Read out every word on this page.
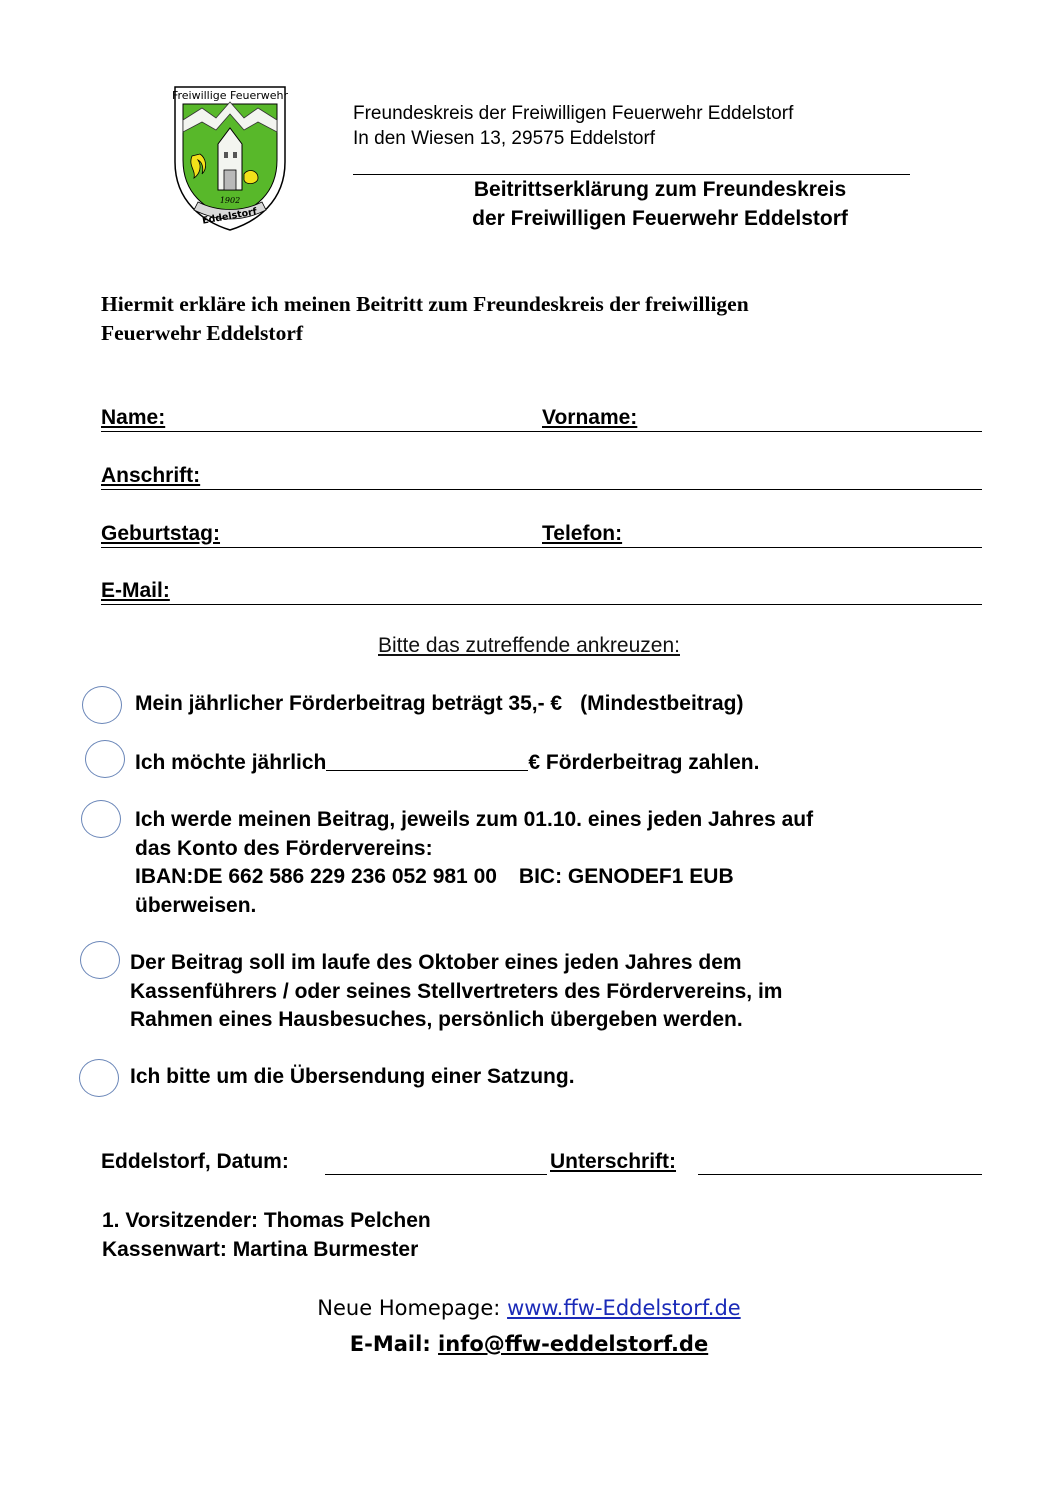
Freiwillige Feuerwehr
1902
Eddelstorf
Freundeskreis der Freiwilligen Feuerwehr Eddelstorf
In den Wiesen 13, 29575 Eddelstorf
Beitrittserklärung zum Freundeskreis
der Freiwilligen Feuerwehr Eddelstorf
Hiermit erkläre ich meinen Beitritt zum Freundeskreis der freiwilligen
Feuerwehr Eddelstorf
Name:	Vorname:
Anschrift:
Geburtstag:	Telefon:
E-Mail:
Bitte das zutreffende ankreuzen:
Mein jährlicher Förderbeitrag beträgt 35,- € (Mindestbeitrag)
Ich möchte jährlich	€ Förderbeitrag zahlen.
Ich werde meinen Beitrag, jeweils zum 01.10. eines jeden Jahres auf
das Konto des Fördervereins:
IBAN:DE 662 586 229 236 052 981 00 BIC: GENODEF1 EUB
überweisen.
Der Beitrag soll im laufe des Oktober eines jeden Jahres dem
Kassenführers / oder seines Stellvertreters des Fördervereins, im
Rahmen eines Hausbesuches, persönlich übergeben werden.
Ich bitte um die Übersendung einer Satzung.
Eddelstorf, Datum:	Unterschrift:
1. Vorsitzender: Thomas Pelchen
Kassenwart: Martina Burmester
Neue Homepage: www.ffw-Eddelstorf.de
E-Mail: info@ffw-eddelstorf.de
